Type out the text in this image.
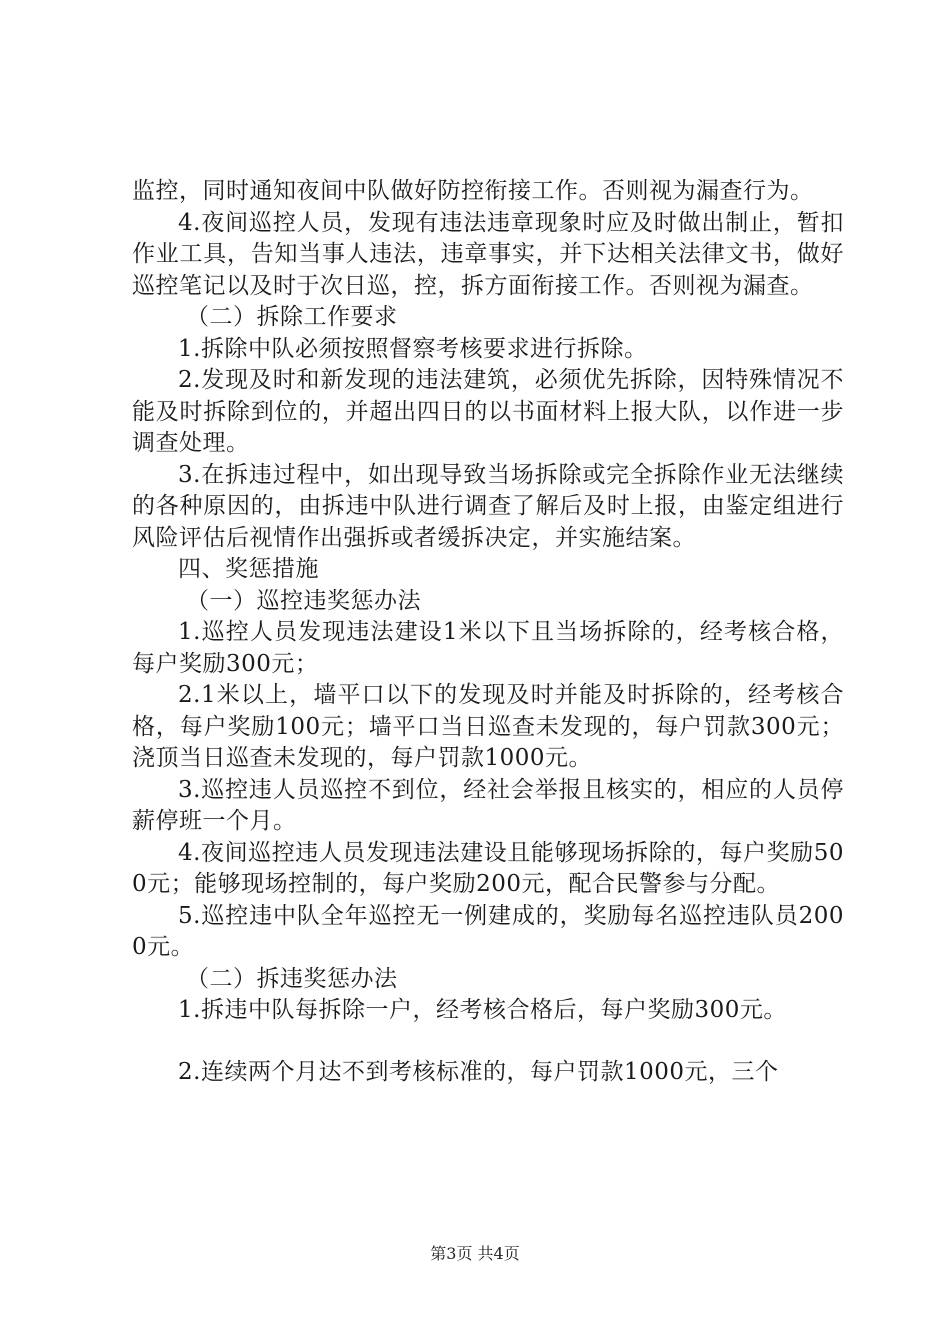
监控，同时通知夜间中队做好防控衔接工作。否则视为漏查行为。

4.夜间巡控人员，发现有违法违章现象时应及时做出制止，暂扣作业工具，告知当事人违法，违章事实，并下达相关法律文书，做好巡控笔记以及时于次日巡，控，拆方面衔接工作。否则视为漏查。

（二）拆除工作要求

1.拆除中队必须按照督察考核要求进行拆除。

2.发现及时和新发现的违法建筑，必须优先拆除，因特殊情况不能及时拆除到位的，并超出四日的以书面材料上报大队，以作进一步调查处理。

3.在拆违过程中，如出现导致当场拆除或完全拆除作业无法继续的各种原因的，由拆违中队进行调查了解后及时上报，由鉴定组进行风险评估后视情作出强拆或者缓拆决定，并实施结案。

四、奖惩措施

（一）巡控违奖惩办法

1.巡控人员发现违法建设1米以下且当场拆除的，经考核合格，每户奖励300元；

2.1米以上，墙平口以下的发现及时并能及时拆除的，经考核合格，每户奖励100元；墙平口当日巡查未发现的，每户罚款300元；浇顶当日巡查未发现的，每户罚款1000元。

3.巡控违人员巡控不到位，经社会举报且核实的，相应的人员停薪停班一个月。

4.夜间巡控违人员发现违法建设且能够现场拆除的，每户奖励500元；能够现场控制的，每户奖励200元，配合民警参与分配。

5.巡控违中队全年巡控无一例建成的，奖励每名巡控违队员2000元。

（二）拆违奖惩办法

1.拆违中队每拆除一户，经考核合格后，每户奖励300元。

2.连续两个月达不到考核标准的，每户罚款1000元，三个

第3页 共4页
